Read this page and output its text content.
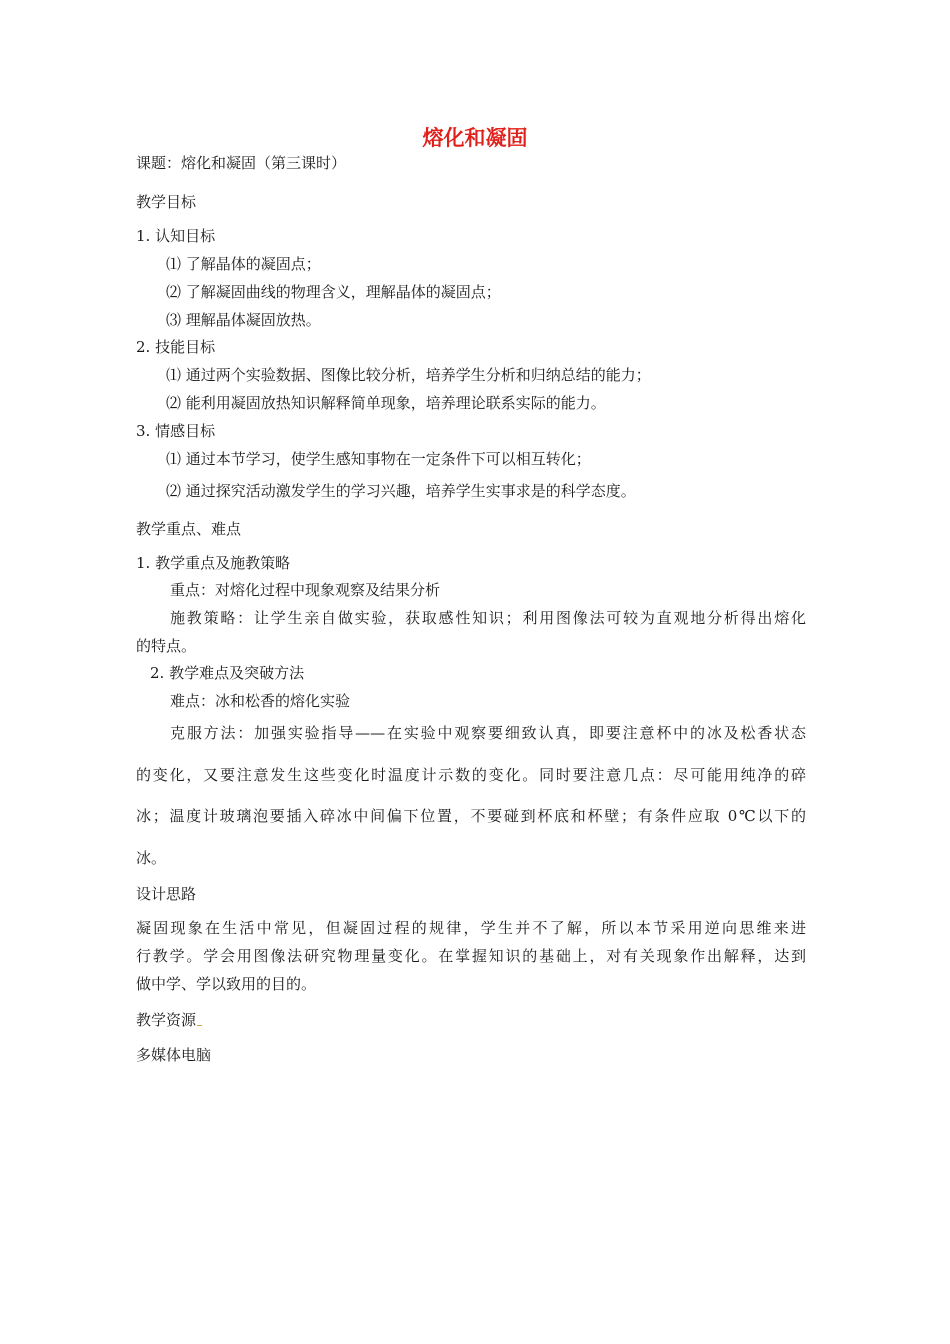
熔化和凝固
课题：熔化和凝固（第三课时）
教学目标
1. 认知目标
⑴ 了解晶体的凝固点；
⑵ 了解凝固曲线的物理含义，理解晶体的凝固点；
⑶ 理解晶体凝固放热。
2. 技能目标
⑴ 通过两个实验数据、图像比较分析，培养学生分析和归纳总结的能力；
⑵ 能利用凝固放热知识解释简单现象，培养理论联系实际的能力。
3. 情感目标
⑴ 通过本节学习，使学生感知事物在一定条件下可以相互转化；
⑵ 通过探究活动激发学生的学习兴趣，培养学生实事求是的科学态度。
教学重点、难点
1. 教学重点及施教策略
重点：对熔化过程中现象观察及结果分析
施教策略：让学生亲自做实验，获取感性知识；利用图像法可较为直观地分析得出熔化
的特点。
2. 教学难点及突破方法
难点：冰和松香的熔化实验
克服方法：加强实验指导——在实验中观察要细致认真，即要注意杯中的冰及松香状态
的变化，又要注意发生这些变化时温度计示数的变化。同时要注意几点：尽可能用纯净的碎
冰；温度计玻璃泡要插入碎冰中间偏下位置，不要碰到杯底和杯壁；有条件应取 0℃以下的
冰。
设计思路
凝固现象在生活中常见，但凝固过程的规律，学生并不了解，所以本节采用逆向思维来进
行教学。学会用图像法研究物理量变化。在掌握知识的基础上，对有关现象作出解释，达到
做中学、学以致用的目的。
教学资源
多媒体电脑
